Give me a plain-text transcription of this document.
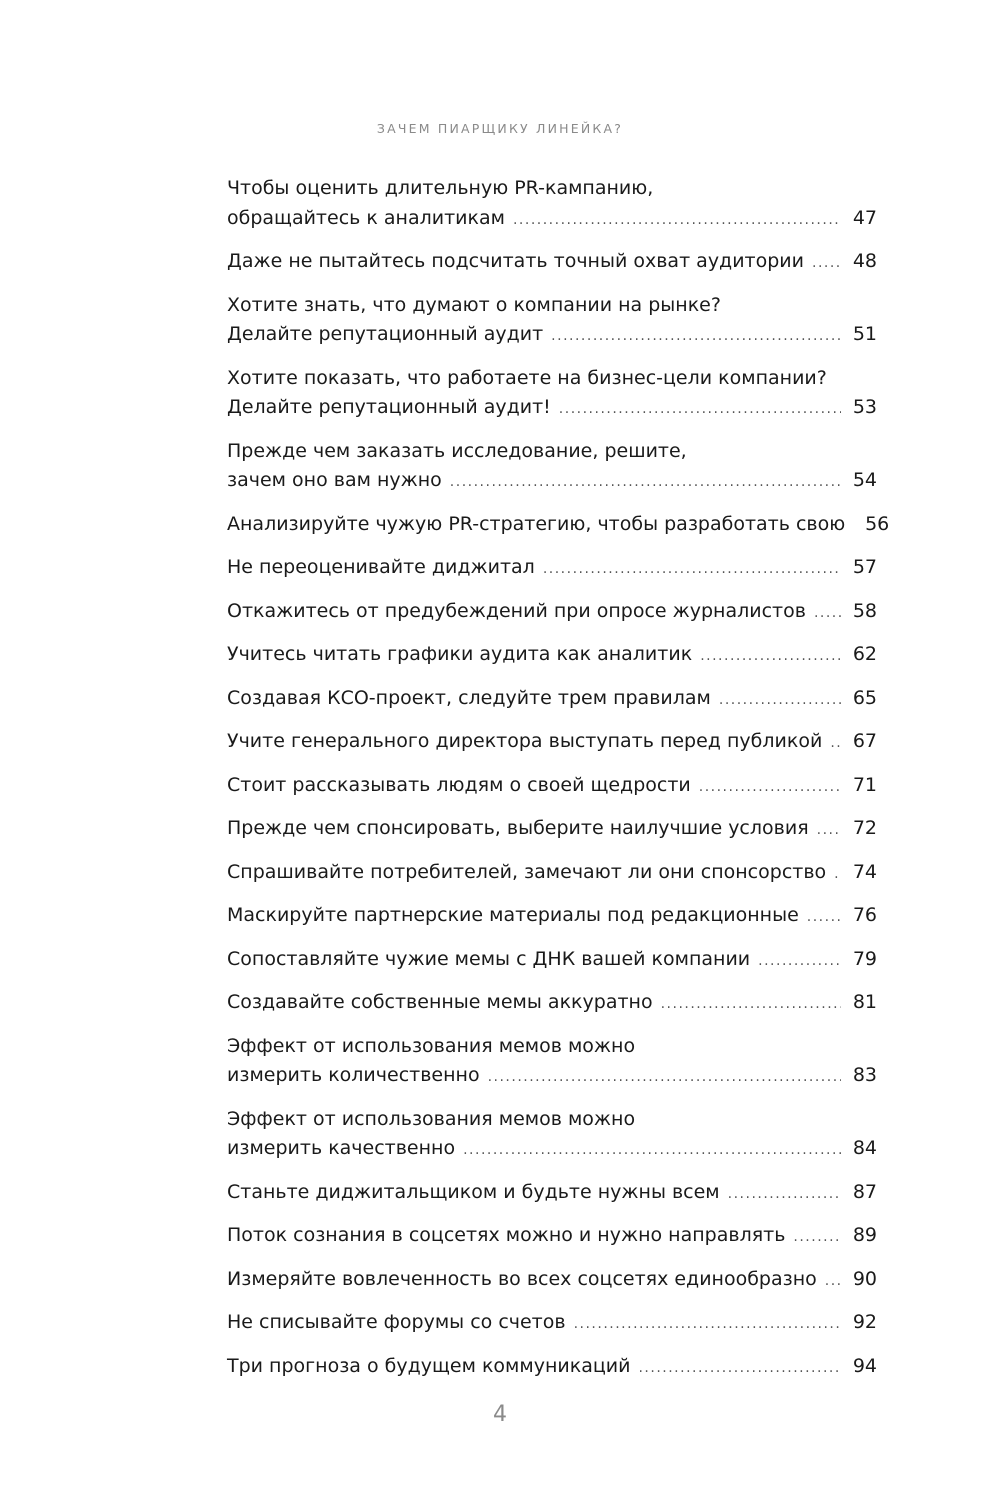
ЗАЧЕМ ПИАРЩИКУ ЛИНЕЙКА?
Чтобы оценить длительную PR-кампанию,
обращайтесь к аналитикам .....	47
Даже не пытайтесь подсчитать точный охват аудитории .....	48
Хотите знать, что думают о компании на рынке?
Делайте репутационный аудит .....	51
Хотите показать, что работаете на бизнес-цели компании?
Делайте репутационный аудит! .....	53
Прежде чем заказать исследование, решите,
зачем оно вам нужно .....	54
Анализируйте чужую PR-стратегию, чтобы разработать свою 56
Не переоценивайте диджитал .....	57
Откажитесь от предубеждений при опросе журналистов ..... 58
Учитесь читать графики аудита как аналитик .....	62
Создавая КСО-проект, следуйте трем правилам .....	65
Учите генерального директора выступать перед публикой ..... 67
Стоит рассказывать людям о своей щедрости .....	71
Прежде чем спонсировать, выберите наилучшие условия ..... 72
Спрашивайте потребителей, замечают ли они спонсорство ..... 74
Маскируйте партнерские материалы под редакционные .....	76
Сопоставляйте чужие мемы с ДНК вашей компании .....	79
Создавайте собственные мемы аккуратно .....	81
Эффект от использования мемов можно
измерить количественно .....	83
Эффект от использования мемов можно
измерить качественно .....	84
Станьте диджитальщиком и будьте нужны всем .....	87
Поток сознания в соцсетях можно и нужно направлять .....	89
Измеряйте вовлеченность во всех соцсетях единообразно ..... 90
Не списывайте форумы со счетов .....	92
Три прогноза о будущем коммуникаций .....	94
4
